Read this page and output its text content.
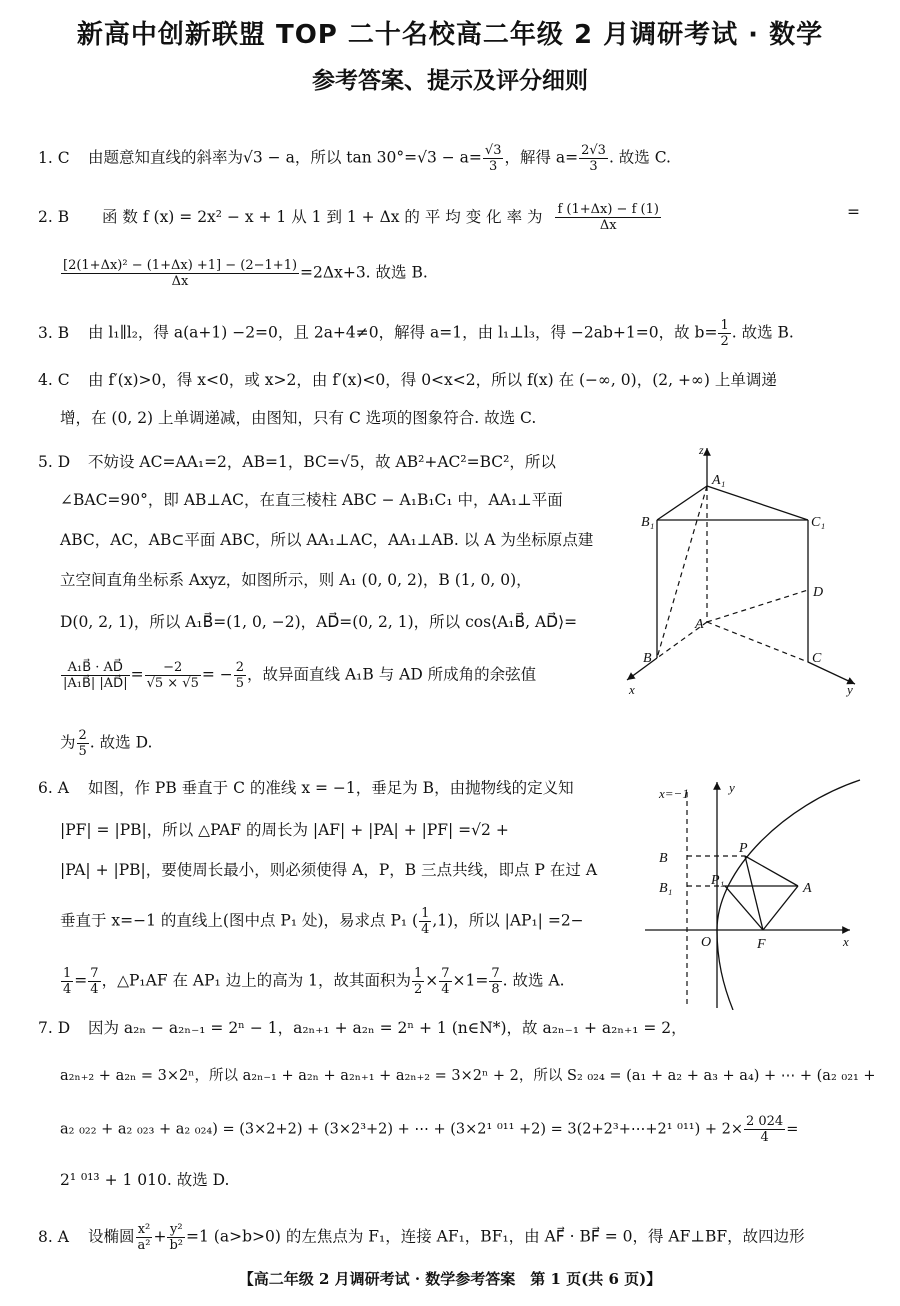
新高中创新联盟 TOP 二十名校高二年级 2 月调研考试 · 数学
参考答案、提示及评分细则
1. C 由题意知直线的斜率为√3 − a，所以 $\tan 30^\circ=√3 - a= \frac{√3}{3}$ ，解得 $a= \frac{2√3}{3}$ . 故选 C.
2. B 函 数 f (x) = 2x² − x + 1 从 1 到 1 + Δx 的 平 均 变 化 率 为 $\frac{f (1+\Delta x) - f (1)}{\Delta x}$	=
$\frac{\text{[2(1+Δx)² − (1+Δx) +1] − (2−1+1)}}{\Delta x} =2\Delta x+3$. 故选 B.
3. B 由 l₁∥l₂，得 a(a+1) −2=0，且 2a+4≠0，解得 a=1，由 l₁⊥l₃，得 −2ab+1=0，故 $b= \frac{1}{2}$ . 故选 B.
4. C 由 f′(x)>0，得 x<0，或 x>2，由 f′(x)<0，得 0<x<2，所以 f(x) 在 (−∞, 0)，(2, +∞) 上单调递
增，在 (0, 2) 上单调递减，由图知，只有 C 选项的图象符合. 故选 C.
5. D 不妨设 AC=AA₁=2，AB=1，BC=√5，故 AB²+AC²=BC²，所以
∠BAC=90°，即 AB⊥AC，在直三棱柱 ABC − A₁B₁C₁ 中，AA₁⊥平面
ABC，AC，AB⊂平面 ABC，所以 AA₁⊥AC，AA₁⊥AB. 以 A 为坐标原点建
立空间直角坐标系 Axyz，如图所示，则 A₁ (0, 0, 2)，B (1, 0, 0)，
D(0, 2, 1)，所以 A₁B⃗=(1, 0, −2)，AD⃗=(0, 2, 1)，所以 cos⟨A₁B⃗, AD⃗⟩=
$\frac{\text{A₁B⃗ · AD⃗}}{\text{|A₁B⃗| |AD⃗|}} = \frac{-2}{√5 \times √5}$ = − $\frac{2}{5}$ ，故异面直线 A₁B 与 AD 所成角的余弦值
为 $\frac{2}{5}$ . 故选 D.
z
A₁
B₁	C₁
D
A
B	C
x	y
6. A 如图，作 PB 垂直于 C 的准线 x = −1，垂足为 B，由抛物线的定义知
|PF| = |PB|，所以 △PAF 的周长为 |AF| + |PA| + |PF| =√2 +
|PA| + |PB|，要使周长最小，则必须使得 A，P，B 三点共线，即点 P 在过 A
垂直于 x=−1 的直线上(图中点 P₁ 处)，易求点 P₁ ( $\frac{1}{4} ,1$)，所以 |AP₁| =2−
$\frac{1}{4} = \frac{7}{4}$ ，△P₁AF 在 AP₁ 边上的高为 1，故其面积为 $\frac{1}{2} \times \frac{7}{4} \times 1= \frac{7}{8}$ . 故选 A.
x=−1	y
B
P
B₁
P₁
A
O	F	x
7. D 因为 a₂ₙ − a₂ₙ₋₁ = 2ⁿ − 1，a₂ₙ₊₁ + a₂ₙ = 2ⁿ + 1 (n∈N*)，故 a₂ₙ₋₁ + a₂ₙ₊₁ = 2，
a₂ₙ₊₂ + a₂ₙ = 3×2ⁿ，所以 a₂ₙ₋₁ + a₂ₙ + a₂ₙ₊₁ + a₂ₙ₊₂ = 3×2ⁿ + 2，所以 S₂ ₀₂₄ = (a₁ + a₂ + a₃ + a₄) + ⋯ + (a₂ ₀₂₁ +
a₂ ₀₂₂ + a₂ ₀₂₃ + a₂ ₀₂₄) = (3×2+2) + (3×2³+2) + ⋯ + (3×2¹ ⁰¹¹ +2) = 3(2+2³+⋯+2¹ $^{011}) + 2\times \frac{2 024}{4}$ =
2¹ ⁰¹³ + 1 010. 故选 D.
8. A 设椭圆 $\frac{\text{x²}}{\text{a²}} + \frac{\text{y²}}{\text{b²}} =1$ (a>b>0) 的左焦点为 F₁，连接 AF₁，BF₁，由 AF⃗ · BF⃗ = 0，得 AF⊥BF，故四边形
【高二年级 2 月调研考试 · 数学参考答案　第 1 页(共 6 页)】
